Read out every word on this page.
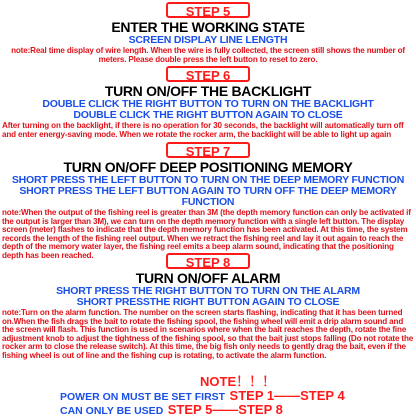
STEP 5
ENTER THE WORKING STATE
SCREEN DISPLAY LINE LENGTH
note:Real time display of wire length. When the wire is fully collected, the screen still shows the number of meters. Please double press the left button to reset to zero.
STEP 6
TURN ON/OFF THE BACKLIGHT
DOUBLE CLICK THE RIGHT BUTTON TO TURN ON THE BACKLIGHT
DOUBLE CLICK THE RIGHT BUTTON AGAIN TO CLOSE
After turning on the backlight, if there is no operation for 30 seconds, the backlight will automatically turn off and enter energy-saving mode. When we rotate the rocker arm, the backlight will be able to light up again
STEP 7
TURN ON/OFF DEEP POSITIONING MEMORY
SHORT PRESS THE LEFT BUTTON TO TURN ON THE DEEP MEMORY FUNCTION
SHORT PRESS THE LEFT BUTTON AGAIN TO TURN OFF THE DEEP MEMORY FUNCTION
note:When the output of the fishing reel is greater than 3M (the depth memory function can only be activated if the output is larger than 3M), we can turn on the depth memory function with a single left button. The display screen (meter) flashes to indicate that the depth memory function has been activated. At this time, the system records the length of the fishing reel output. When we retract the fishing reel and lay it out again to reach the depth of the memory water layer, the fishing reel emits a beep alarm sound, indicating that the positioning depth has been reached.	STEP 8
TURN ON/OFF ALARM
SHORT PRESS THE RIGHT BUTTON TO TURN ON THE ALARM
SHORT PRESSTHE RIGHT BUTTON AGAIN TO CLOSE
note:Turn on the alarm function. The number on the screen starts flashing, indicating that it has been turned on.When the fish drags the bait to rotate the fishing spool, the fishing wheel will emit a drip alarm sound and the screen will flash. This function is used in scenarios where when the bait reaches the depth, rotate the fine adjustment knob to adjust the tightness of the fishing spool, so that the bait just stops falling (Do not rotate the rocker arm to close the release switch). At this time, the big fish only needs to gently drag the bait, even if the fishing wheel is out of line and the fishing cup is rotating, to activate the alarm function.
NOTE！！！
POWER ON MUST BE SET FIRST STEP 1——STEP 4
CAN ONLY BE USED STEP 5——STEP 8
